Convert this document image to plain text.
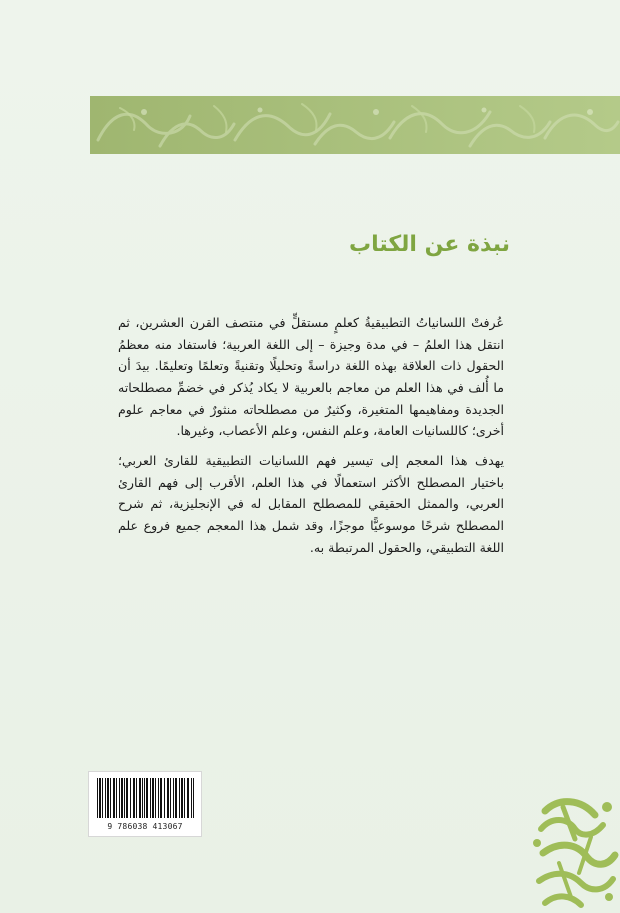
نبذة عن الكتاب

عُرفتْ اللسانياتُ التطبيقيةُ كعلمٍ مستقلٍّ في منتصف القرن العشرين، ثم انتقل هذا العلمُ – في مدة وجيزة – إلى اللغة العربية؛ فاستفاد منه معظمُ الحقول ذات العلاقة بهذه اللغة دراسةً وتحليلًا وتقنيةً وتعلمًا وتعليمًا. بيدَ أن ما أُلف في هذا العلم من معاجم بالعربية لا يكاد يُذكر في خضمِّ مصطلحاته الجديدة ومفاهيمها المتغيرة، وكثيرٌ من مصطلحاته منثورٌ في معاجم علوم أخرى؛ كاللسانيات العامة، وعلم النفس، وعلم الأعصاب، وغيرها.

يهدف هذا المعجم إلى تيسير فهم اللسانيات التطبيقية للقارئ العربي؛ باختيار المصطلح الأكثر استعمالًا في هذا العلم، الأقرب إلى فهم القارئ العربي، والممثل الحقيقي للمصطلح المقابل له في الإنجليزية، ثم شرح المصطلح شرحًا موسوعيًّا موجزًا، وقد شمل هذا المعجم جميع فروع علم اللغة التطبيقي، والحقول المرتبطة به.

9 786038 413067
